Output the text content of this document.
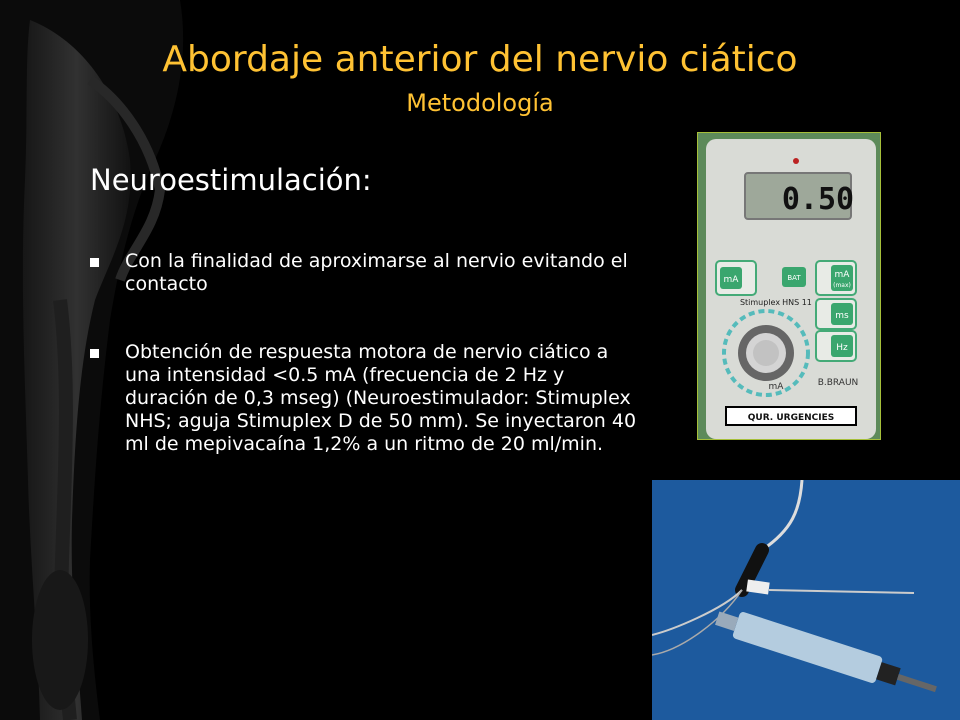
Abordaje anterior del nervio ciático
Metodología
Neuroestimulación:
Con la finalidad de aproximarse al nervio evitando el contacto
Obtención de respuesta motora de nervio ciático a una intensidad <0.5 mA (frecuencia de 2 Hz y duración de 0,3 mseg) (Neuroestimulador: Stimuplex NHS; aguja Stimuplex D de 50 mm). Se inyectaron 40 ml de mepivacaína 1,2% a un ritmo de 20 ml/min.
0.50
mA	BAT	mA
(max)
Stimuplex HNS 11
ms
Hz
mA	B.BRAUN
QUR. URGENCIES
